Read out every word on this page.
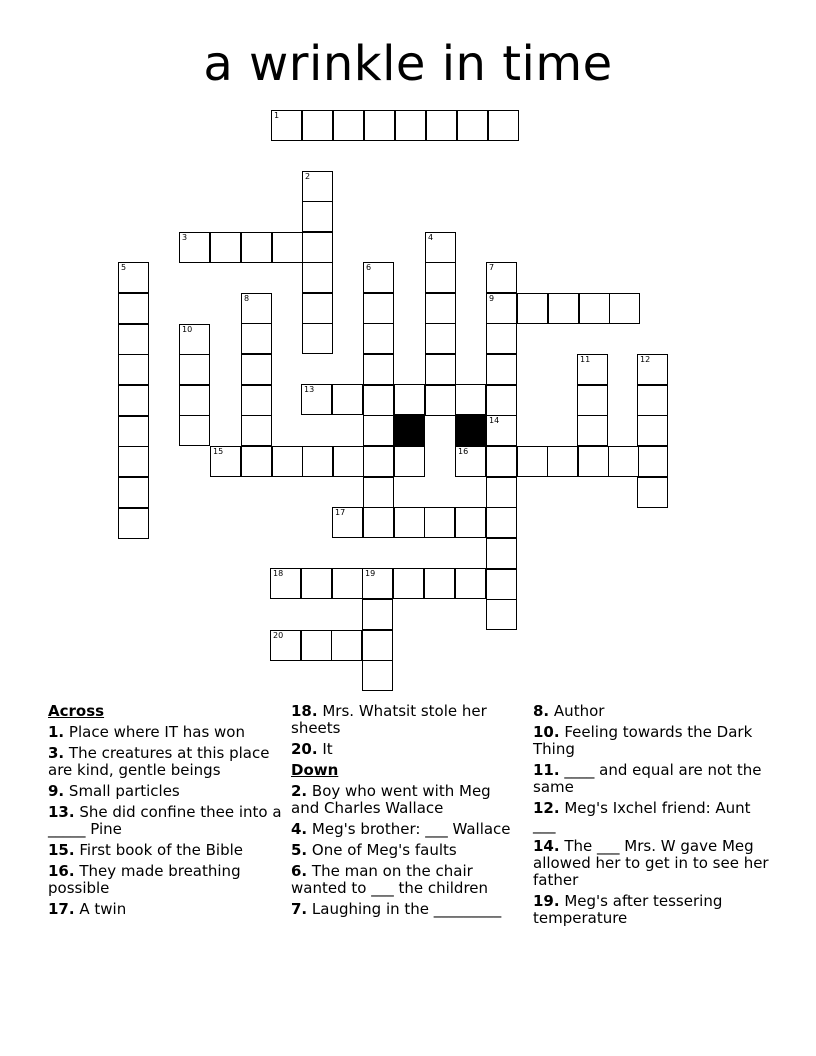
a wrinkle in time
1
2
3	4
5	6	7
9
8
10
11	12
13
14
15	16
17
18	19
20
Across
1. Place where IT has won
3. The creatures at this place are kind, gentle beings
9. Small particles
13. She did confine thee into a _____ Pine
15. First book of the Bible
16. They made breathing possible
17. A twin
18. Mrs. Whatsit stole her sheets
20. It
Down
2. Boy who went with Meg and Charles Wallace
4. Meg's brother: ___ Wallace
5. One of Meg's faults
6. The man on the chair wanted to ___ the children
7. Laughing in the _________
8. Author
10. Feeling towards the Dark Thing
11. ____ and equal are not the same
12. Meg's Ixchel friend: Aunt ___
14. The ___ Mrs. W gave Meg allowed her to get in to see her father
19. Meg's after tessering temperature
